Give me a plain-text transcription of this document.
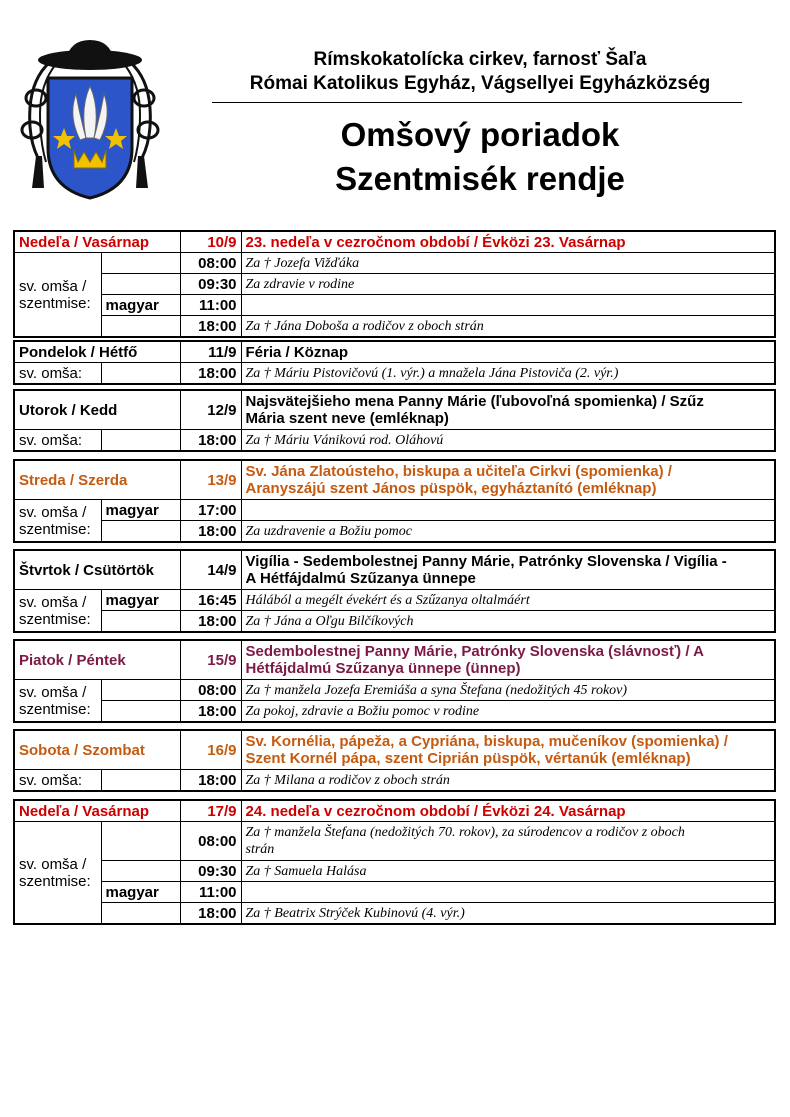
Rímskokatolícka cirkev, farnosť Šaľa
Római Katolikus Egyház, Vágsellyei Egyházközség
Omšový poriadok
Szentmisék rendje
Nedeľa / Vasárnap		10/9	23. nedeľa v cezročnom období / Évközi 23. Vasárnap
sv. omša /
szentmise:		08:00	Za † Jozefa Vižďáka
		09:30	Za zdravie v rodine
	magyar	11:00	
		18:00	Za † Jána Doboša a rodičov z oboch strán
Pondelok / Hétfő		11/9	Féria / Köznap
sv. omša:		18:00	Za † Máriu Pistovičovú (1. výr.) a mnažela Jána Pistoviča (2. výr.)
Utorok / Kedd		12/9	Najsvätejšieho mena Panny Márie (ľubovoľná spomienka) / Szűz
Mária szent neve (emléknap)
sv. omša:		18:00	Za † Máriu Vánikovú rod. Oláhovú
Streda / Szerda		13/9	Sv. Jána Zlatoústeho, biskupa a učiteľa Cirkvi (spomienka) /
Aranyszájú szent János püspök, egyháztanító (emléknap)
sv. omša /
szentmise:	magyar	17:00	
		18:00	Za uzdravenie a Božiu pomoc
Štvrtok / Csütörtök		14/9	Vigília - Sedembolestnej Panny Márie, Patrónky Slovenska / Vigília -
A Hétfájdalmú Szűzanya ünnepe
sv. omša /
szentmise:	magyar	16:45	Hálából a megélt évekért és a Szűzanya oltalmáért
		18:00	Za † Jána a Oľgu Bilčíkových
Piatok / Péntek		15/9	Sedembolestnej Panny Márie, Patrónky Slovenska (slávnosť) / A
Hétfájdalmú Szűzanya ünnepe (ünnep)
sv. omša /
szentmise:		08:00	Za † manžela Jozefa Eremiáša a syna Štefana (nedožitých 45 rokov)
		18:00	Za pokoj, zdravie a Božiu pomoc v rodine
Sobota / Szombat		16/9	Sv. Kornélia, pápeža, a Cypriána, biskupa, mučeníkov (spomienka) /
Szent Kornél pápa, szent Ciprián püspök, vértanúk (emléknap)
sv. omša:		18:00	Za † Milana a rodičov z oboch strán
Nedeľa / Vasárnap		17/9	24. nedeľa v cezročnom období / Évközi 24. Vasárnap
sv. omša /
szentmise:		08:00	Za † manžela Štefana (nedožitých 70. rokov), za súrodencov a rodičov z oboch
strán
		09:30	Za † Samuela Halása
	magyar	11:00	
		18:00	Za † Beatrix Strýček Kubinovú (4. výr.)
